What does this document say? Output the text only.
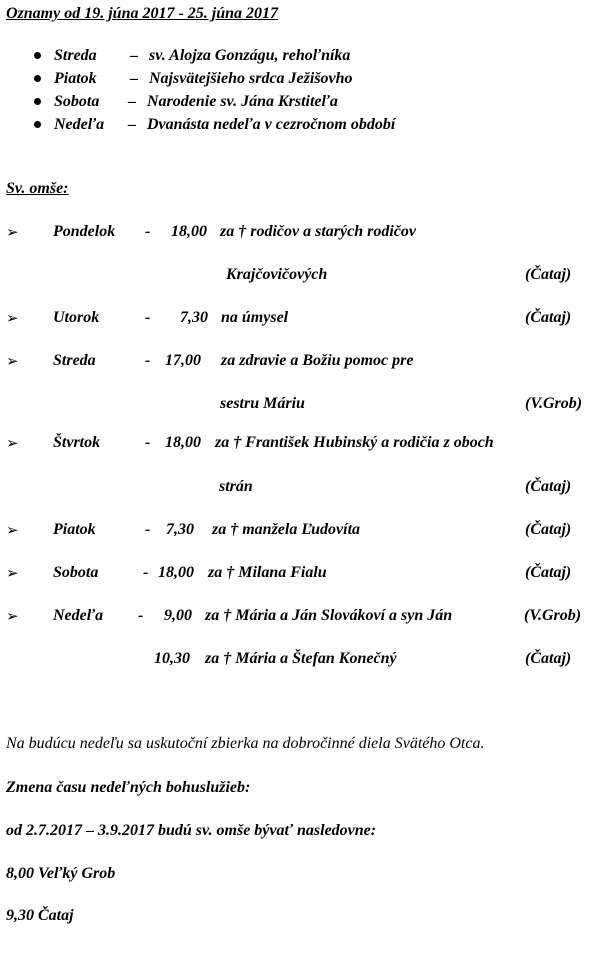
Oznamy od 19. júna 2017 - 25. júna 2017
Streda – sv. Alojza Gonzágu, rehoľníka
Piatok – Najsvätejšieho srdca Ježišovho
Sobota – Narodenie sv. Jána Krstiteľa
Nedeľa – Dvanásta nedeľa v cezročnom období
Sv. omše:
➢ Pondelok - 18,00 za † rodičov a starých rodičov
Krajčovičových	(Čataj)
➢ Utorok	- 7,30 na úmysel	(Čataj)
➢ Streda	- 17,00 za zdravie a Božiu pomoc pre
sestru Máriu	(V.Grob)
➢ Štvrtok	- 18,00 za † František Hubinský a rodičia z oboch
strán	(Čataj)
➢ Piatok	- 7,30 za † manžela Ľudovíta	(Čataj)
➢ Sobota	- 18,00 za † Milana Fialu	(Čataj)
➢ Nedeľa - 9,00 za † Mária a Ján Slovákoví a syn Ján	(V.Grob)
10,30 za † Mária a Štefan Konečný	(Čataj)
Na budúcu nedeľu sa uskutoční zbierka na dobročinné diela Svätého Otca.
Zmena času nedeľných bohuslužieb:
od 2.7.2017 – 3.9.2017 budú sv. omše bývať nasledovne:
8,00 Veľký Grob
9,30 Čataj
